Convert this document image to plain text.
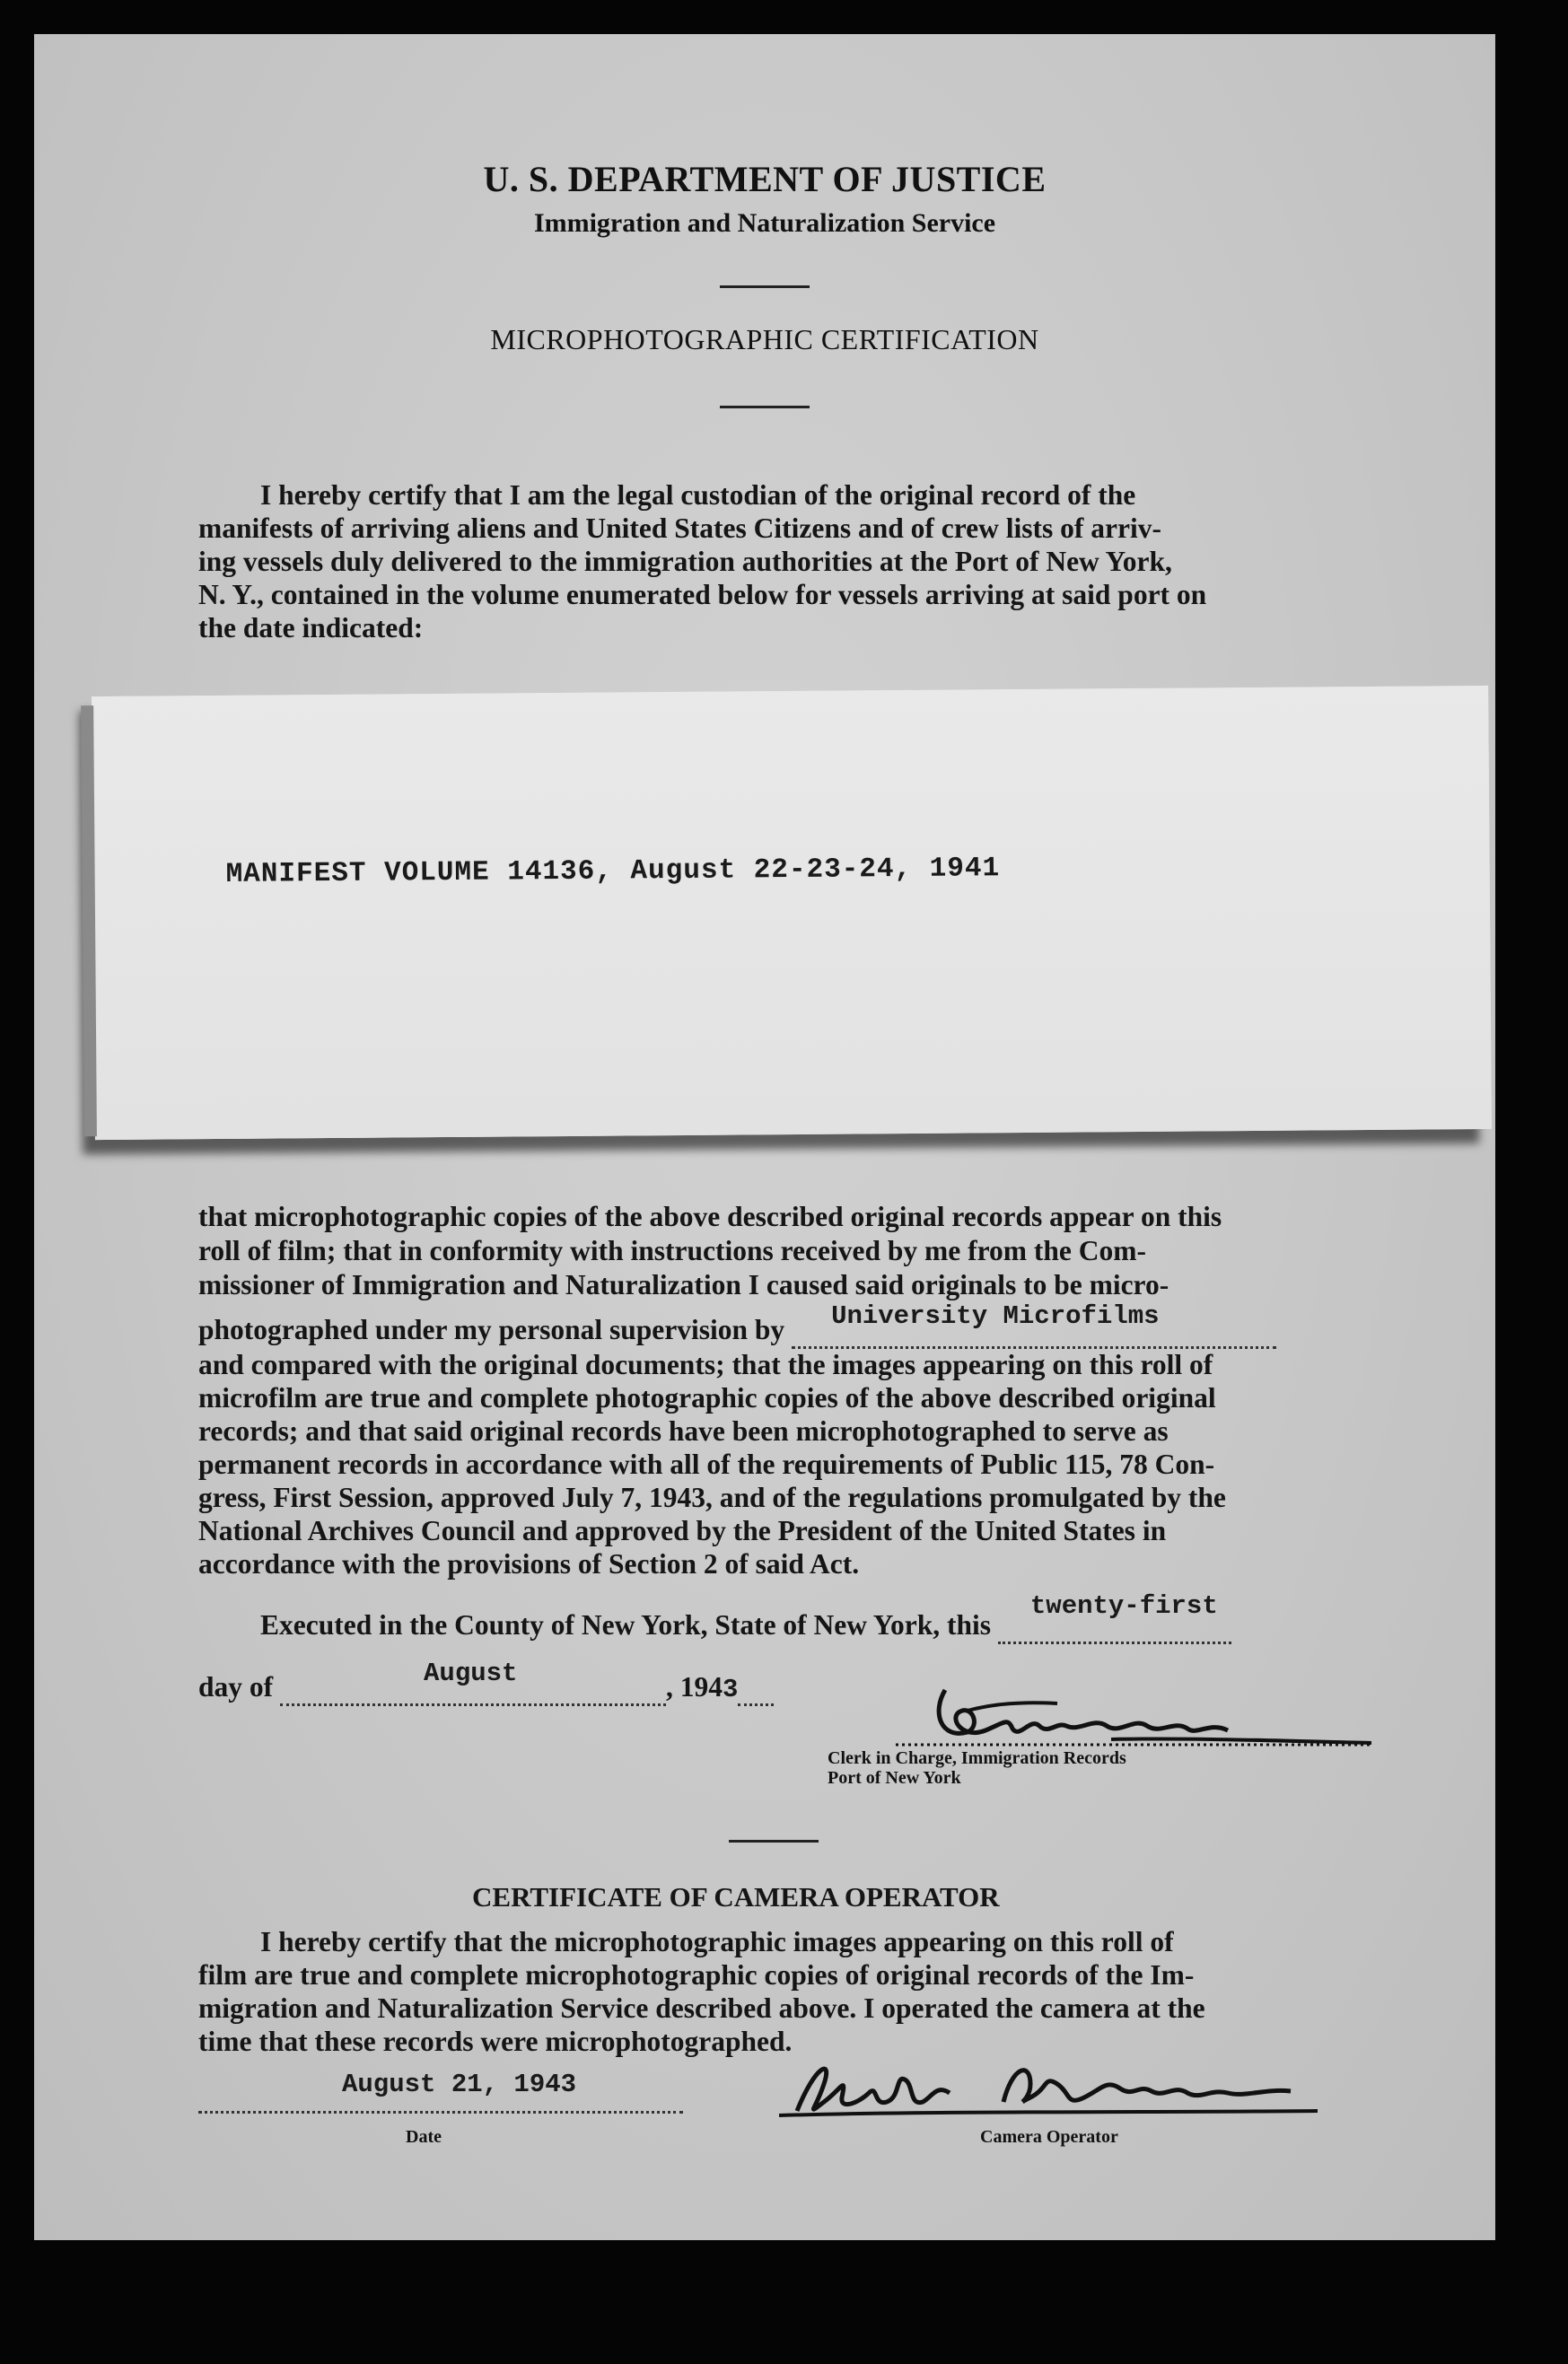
U. S. DEPARTMENT OF JUSTICE
Immigration and Naturalization Service
MICROPHOTOGRAPHIC CERTIFICATION
I hereby certify that I am the legal custodian of the original record of the
manifests of arriving aliens and United States Citizens and of crew lists of arriv-
ing vessels duly delivered to the immigration authorities at the Port of New York,
N. Y., contained in the volume enumerated below for vessels arriving at said port on
the date indicated:
MANIFEST VOLUME 14136, August 22-23-24, 1941
that microphotographic copies of the above described original records appear on this
roll of film; that in conformity with instructions received by me from the Com-
missioner of Immigration and Naturalization I caused said originals to be micro-
photographed under my personal supervision by University Microfilms

and compared with the original documents; that the images appearing on this roll of
microfilm are true and complete photographic copies of the above described original
records; and that said original records have been microphotographed to serve as
permanent records in accordance with all of the requirements of Public 115, 78 Con-
gress, First Session, approved July 7, 1943, and of the regulations promulgated by the
National Archives Council and approved by the President of the United States in
accordance with the provisions of Section 2 of said Act.
Executed in the County of New York, State of New York, this
twenty-first

day of	August	, 1943
Clerk in Charge, Immigration Records
Port of New York
CERTIFICATE OF CAMERA OPERATOR
I hereby certify that the microphotographic images appearing on this roll of
film are true and complete microphotographic copies of original records of the Im-
migration and Naturalization Service described above. I operated the camera at the
time that these records were microphotographed.
August 21, 1943

Date	Camera Operator
